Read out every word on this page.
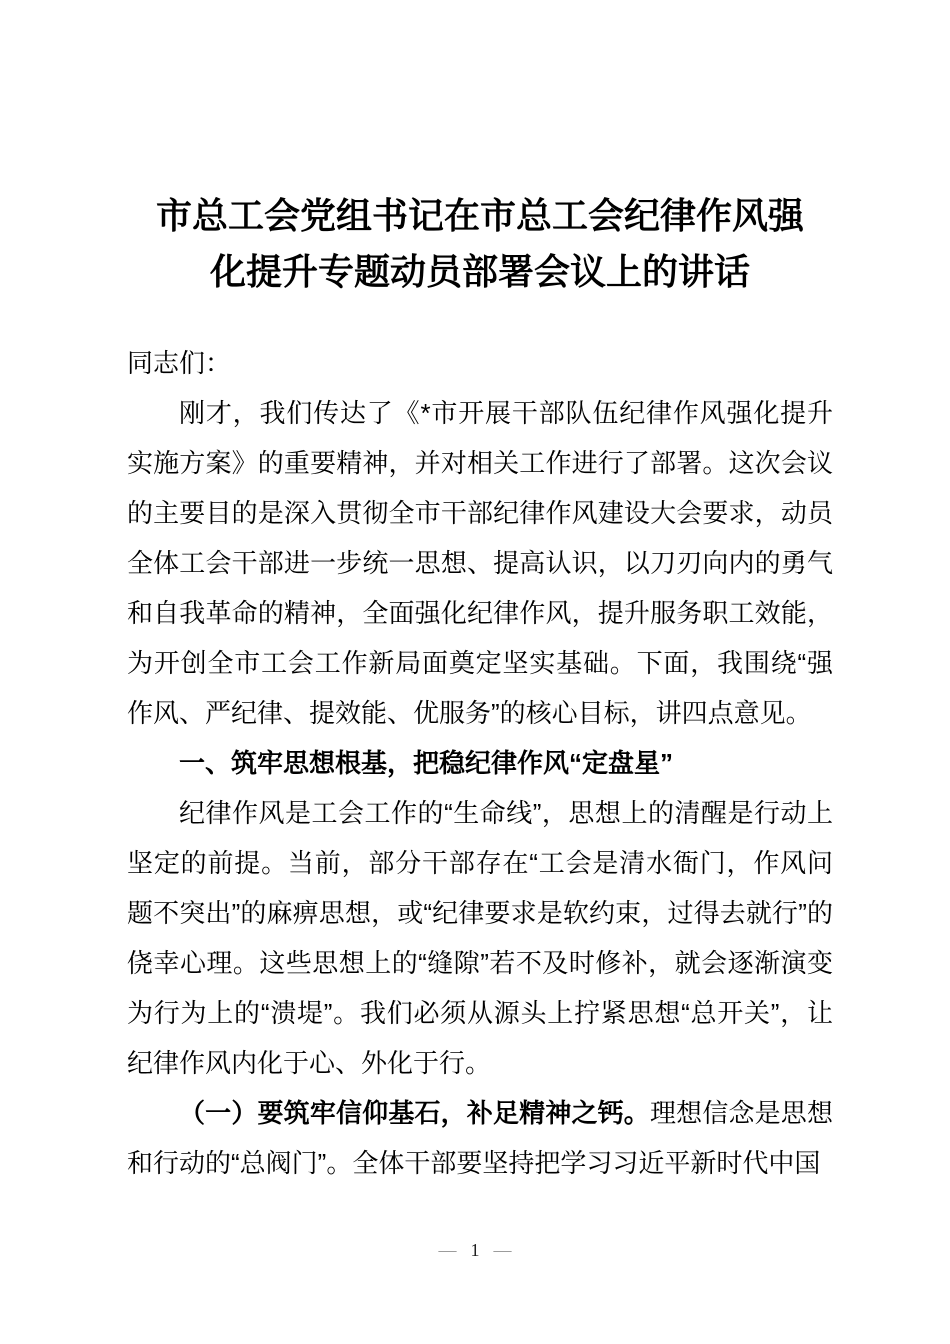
市总工会党组书记在市总工会纪律作风强
化提升专题动员部署会议上的讲话

同志们：

刚才，我们传达了《*市开展干部队伍纪律作风强化提升实施方案》的重要精神，并对相关工作进行了部署。这次会议的主要目的是深入贯彻全市干部纪律作风建设大会要求，动员全体工会干部进一步统一思想、提高认识，以刀刃向内的勇气和自我革命的精神，全面强化纪律作风，提升服务职工效能，为开创全市工会工作新局面奠定坚实基础。下面，我围绕“强作风、严纪律、提效能、优服务”的核心目标，讲四点意见。

一、筑牢思想根基，把稳纪律作风“定盘星”

纪律作风是工会工作的“生命线”，思想上的清醒是行动上坚定的前提。当前，部分干部存在“工会是清水衙门，作风问题不突出”的麻痹思想，或“纪律要求是软约束，过得去就行”的侥幸心理。这些思想上的“缝隙”若不及时修补，就会逐渐演变为行为上的“溃堤”。我们必须从源头上拧紧思想“总开关”，让纪律作风内化于心、外化于行。

（一）要筑牢信仰基石，补足精神之钙。理想信念是思想和行动的“总阀门”。全体干部要坚持把学习习近平新时代中国

— 1 —
